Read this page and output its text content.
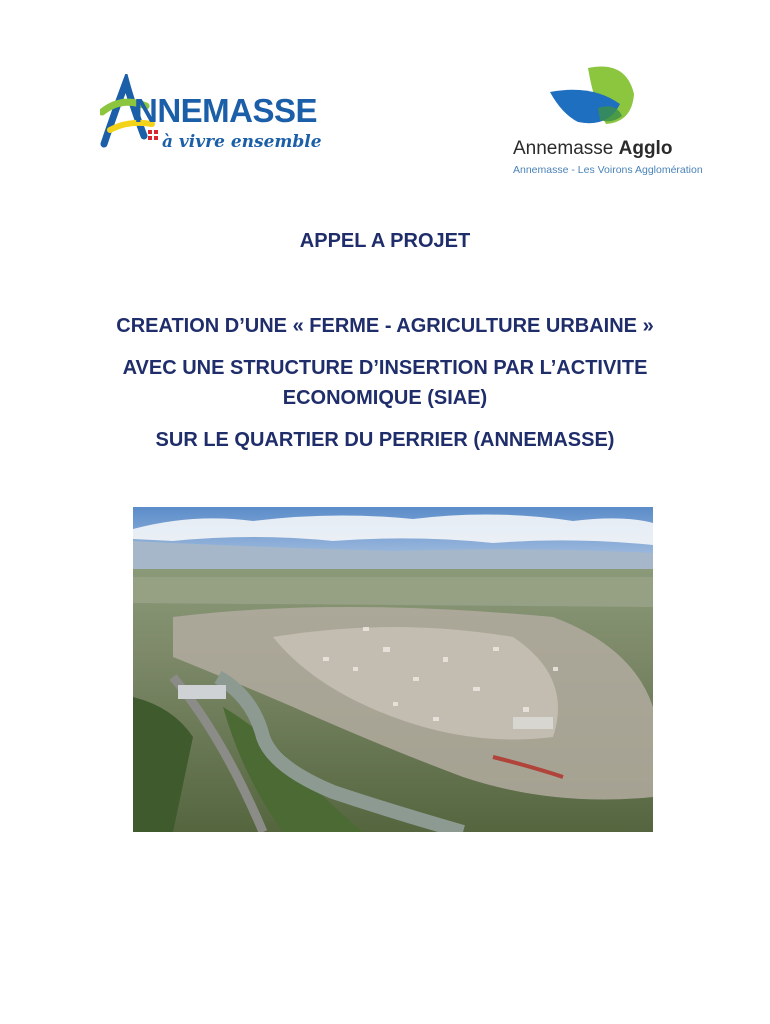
NNEMASSE
à vivre ensemble	Annemasse Agglo
Annemasse - Les Voirons Agglomération
APPEL A PROJET
CREATION D’UNE « FERME - AGRICULTURE URBAINE »
AVEC UNE STRUCTURE D’INSERTION PAR L’ACTIVITE
ECONOMIQUE (SIAE)
SUR LE QUARTIER DU PERRIER (ANNEMASSE)
